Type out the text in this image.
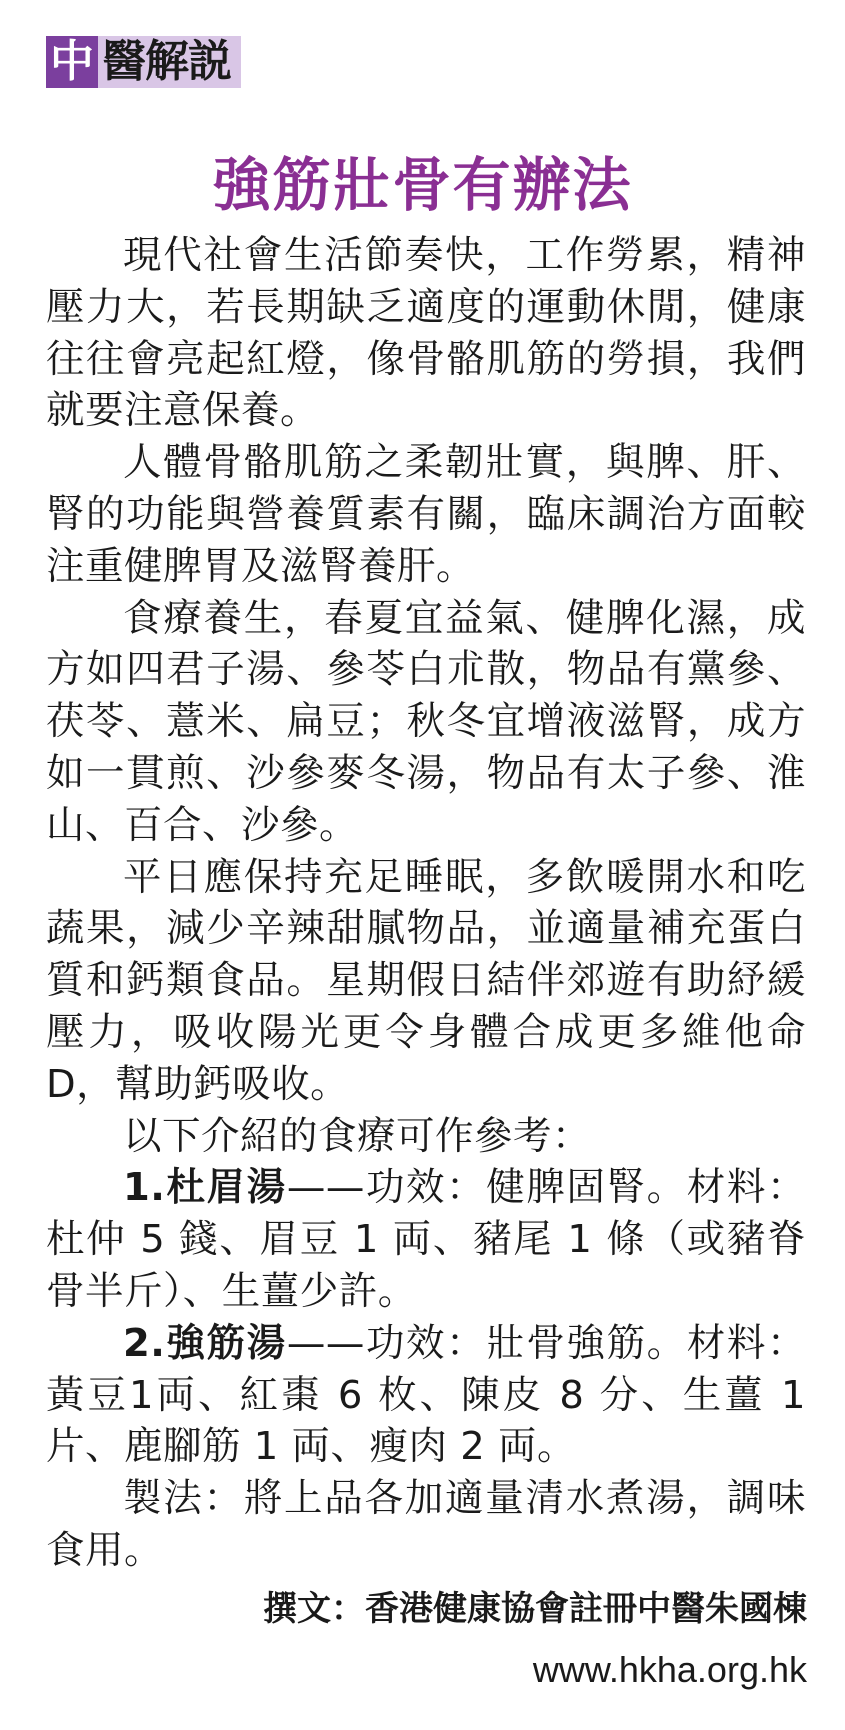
中 醫解説
強筋壯骨有辦法

現代社會生活節奏快，工作勞累，精神壓力大，若長期缺乏適度的運動休閒，健康往往會亮起紅燈，像骨骼肌筋的勞損，我們就要注意保養。

人體骨骼肌筋之柔韌壯實，與脾、肝、腎的功能與營養質素有關，臨床調治方面較注重健脾胃及滋腎養肝。

食療養生，春夏宜益氣、健脾化濕，成方如四君子湯、參苓白朮散，物品有黨參、茯苓、薏米、扁豆；秋冬宜增液滋腎，成方如一貫煎、沙參麥冬湯，物品有太子參、淮山、百合、沙參。

平日應保持充足睡眠，多飲暖開水和吃蔬果，減少辛辣甜膩物品，並適量補充蛋白質和鈣類食品。星期假日結伴郊遊有助紓緩壓力，吸收陽光更令身體合成更多維他命D，幫助鈣吸收。

以下介紹的食療可作參考：

1.杜眉湯——功效：健脾固腎。材料：杜仲 5 錢、眉豆 1 両、豬尾 1 條（或豬脊骨半斤）、生薑少許。

2.強筋湯——功效：壯骨強筋。材料：黃豆1両、紅棗 6 枚、陳皮 8 分、生薑 1 片、鹿腳筋 1 両、瘦肉 2 両。

製法：將上品各加適量清水煮湯，調味食用。

撰文：香港健康協會註冊中醫朱國棟
www.hkha.org.hk
